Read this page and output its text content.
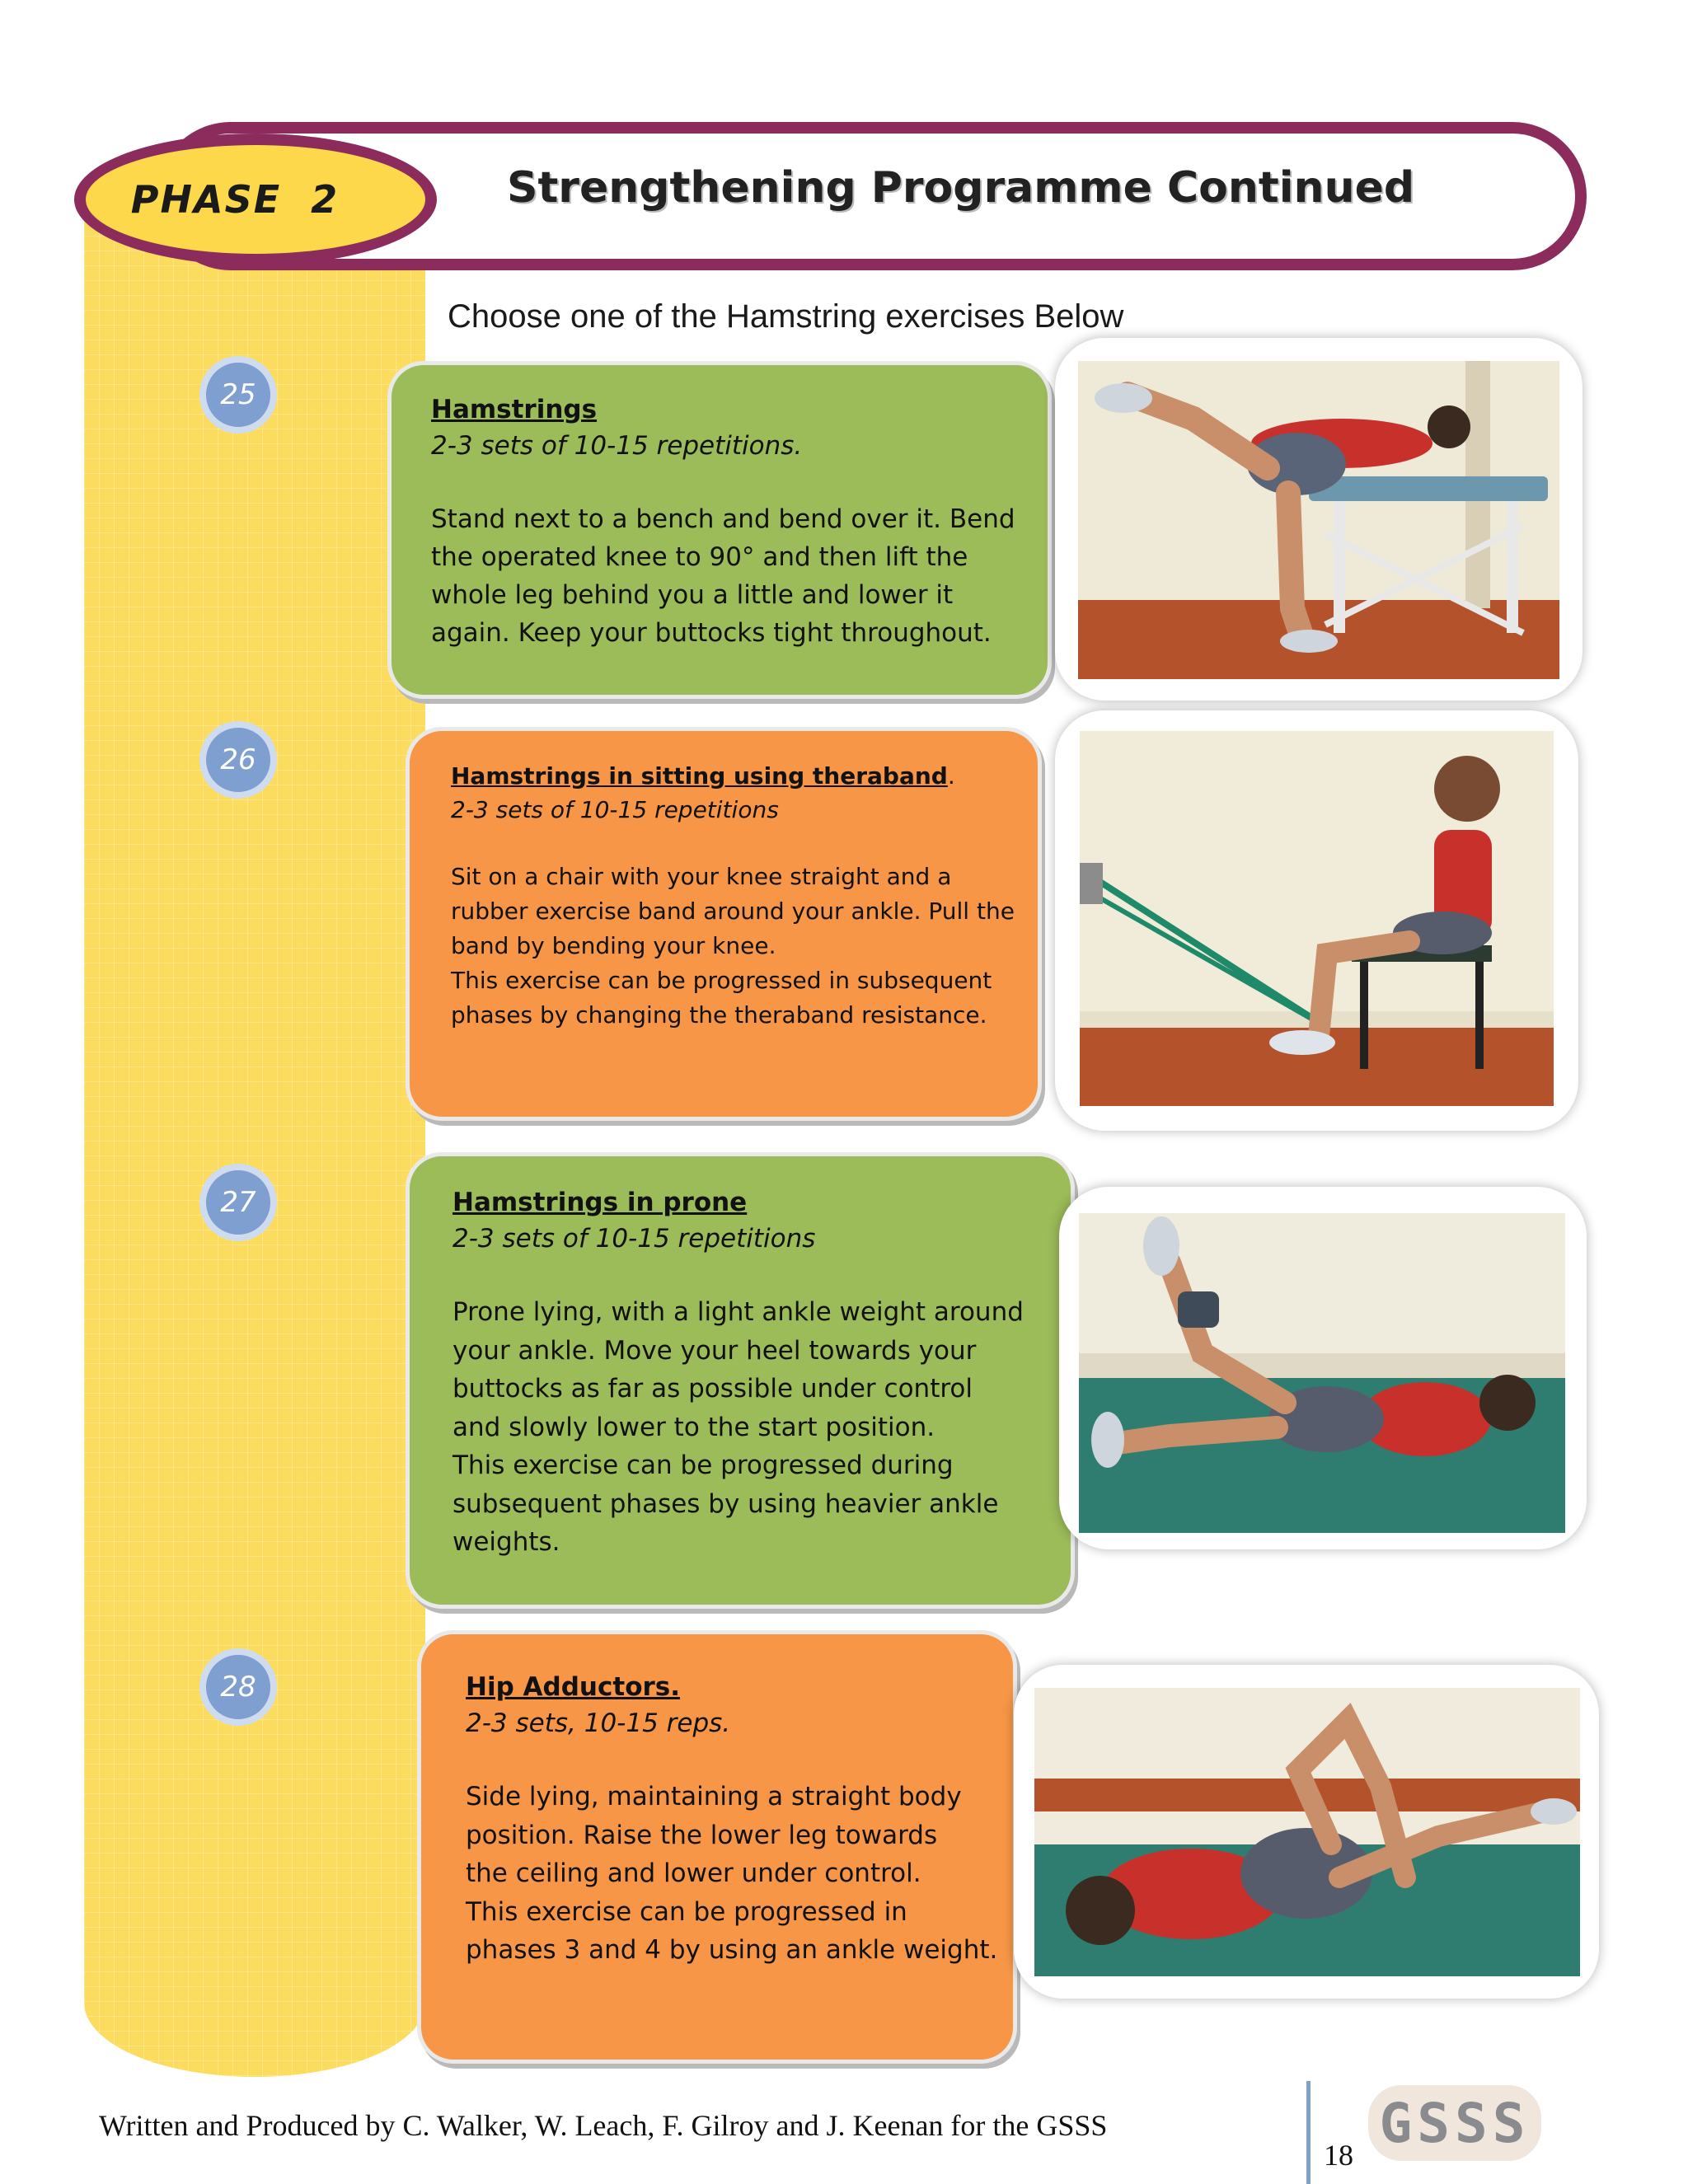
PHASE 2	Strengthening Programme Continued
Choose one of the Hamstring exercises Below
25
26
27
28

Hamstrings

2-3 sets of 10-15 repetitions.

Stand next to a bench and bend over it. Bend

the operated knee to 90° and then lift the

whole leg behind you a little and lower it

again. Keep your buttocks tight throughout.

Hamstrings in sitting using theraband.

2-3 sets of 10-15 repetitions

Sit on a chair with your knee straight and a

rubber exercise band around your ankle. Pull the

band by bending your knee.

This exercise can be progressed in subsequent

phases by changing the theraband resistance.

Hamstrings in prone

2-3 sets of 10-15 repetitions

Prone lying, with a light ankle weight around

your ankle. Move your heel towards your

buttocks as far as possible under control

and slowly lower to the start position.

This exercise can be progressed during

subsequent phases by using heavier ankle

weights.

Hip Adductors.

2-3 sets, 10-15 reps.

Side lying, maintaining a straight body

position. Raise the lower leg towards

the ceiling and lower under control.

This exercise can be progressed in

phases 3 and 4 by using an ankle weight.

Written and Produced by C. Walker, W. Leach, F. Gilroy and J. Keenan for the GSSS
18
GSSS
